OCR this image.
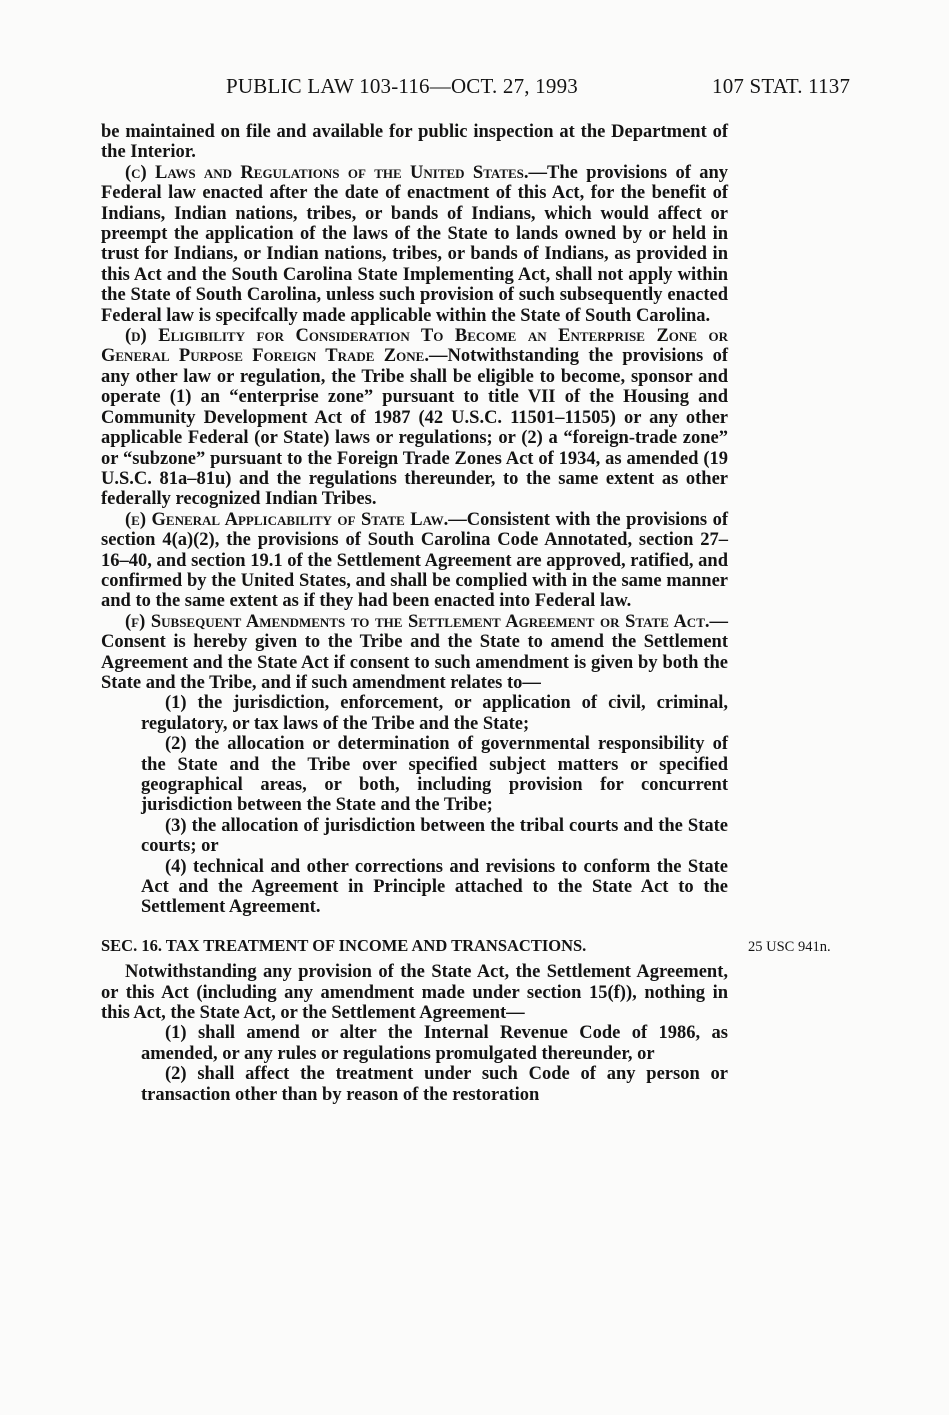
PUBLIC LAW 103-116—OCT. 27, 1993	107 STAT. 1137

be maintained on file and available for public inspection at the Department of the Interior.

(c) Laws and Regulations of the United States.—The provisions of any Federal law enacted after the date of enactment of this Act, for the benefit of Indians, Indian nations, tribes, or bands of Indians, which would affect or preempt the application of the laws of the State to lands owned by or held in trust for Indians, or Indian nations, tribes, or bands of Indians, as provided in this Act and the South Carolina State Implementing Act, shall not apply within the State of South Carolina, unless such provision of such subsequently enacted Federal law is specifcally made applicable within the State of South Carolina.

(d) Eligibility for Consideration To Become an Enterprise Zone or General Purpose Foreign Trade Zone.—Notwithstanding the provisions of any other law or regulation, the Tribe shall be eligible to become, sponsor and operate (1) an “enterprise zone” pursuant to title VII of the Housing and Community Development Act of 1987 (42 U.S.C. 11501–11505) or any other applicable Federal (or State) laws or regulations; or (2) a “foreign-trade zone” or “subzone” pursuant to the Foreign Trade Zones Act of 1934, as amended (19 U.S.C. 81a–81u) and the regulations thereunder, to the same extent as other federally recognized Indian Tribes.

(e) General Applicability of State Law.—Consistent with the provisions of section 4(a)(2), the provisions of South Carolina Code Annotated, section 27–16–40, and section 19.1 of the Settlement Agreement are approved, ratified, and confirmed by the United States, and shall be complied with in the same manner and to the same extent as if they had been enacted into Federal law.

(f) Subsequent Amendments to the Settlement Agreement or State Act.—Consent is hereby given to the Tribe and the State to amend the Settlement Agreement and the State Act if consent to such amendment is given by both the State and the Tribe, and if such amendment relates to—

(1) the jurisdiction, enforcement, or application of civil, criminal, regulatory, or tax laws of the Tribe and the State;

(2) the allocation or determination of governmental responsibility of the State and the Tribe over specified subject matters or specified geographical areas, or both, including provision for concurrent jurisdiction between the State and the Tribe;

(3) the allocation of jurisdiction between the tribal courts and the State courts; or

(4) technical and other corrections and revisions to conform the State Act and the Agreement in Principle attached to the State Act to the Settlement Agreement.

SEC. 16. TAX TREATMENT OF INCOME AND TRANSACTIONS.	25 USC 941n.

Notwithstanding any provision of the State Act, the Settlement Agreement, or this Act (including any amendment made under section 15(f)), nothing in this Act, the State Act, or the Settlement Agreement—

(1) shall amend or alter the Internal Revenue Code of 1986, as amended, or any rules or regulations promulgated thereunder, or

(2) shall affect the treatment under such Code of any person or transaction other than by reason of the restoration
